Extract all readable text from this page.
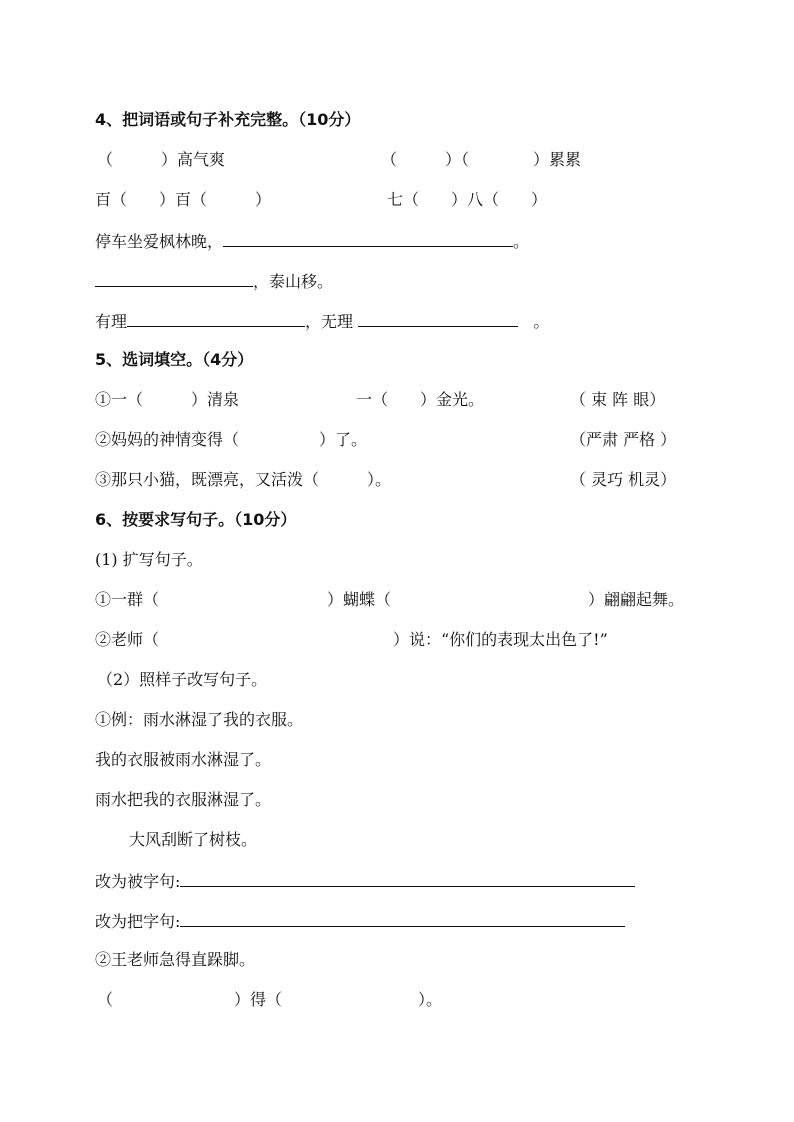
4、把词语或句子补充完整。（10分）
（　　　）高气爽	（　　　）（　　　　）累累
百（　　）百（　　　）	七（　　）八（　　）
停车坐爱枫林晚，	。
，泰山移。
有理	，无理	。
5、选词填空。（4分）
①一（　　　）清泉	一（　　）金光。	（ 束 阵 眼）
②妈妈的神情变得（　　　　　）了。	（严肃 严格 ）
③那只小猫，既漂亮，又活泼（　　　）。	（ 灵巧 机灵）
6、按要求写句子。（10分）
(1) 扩写句子。
①一群（	）蝴蝶（	）翩翩起舞。
②老师（	）说：“你们的表现太出色了!”
（2）照样子改写句子。
①例：雨水淋湿了我的衣服。
我的衣服被雨水淋湿了。
雨水把我的衣服淋湿了。
大风刮断了树枝。
改为被字句:
改为把字句:
②王老师急得直跺脚。
（	）得（	）。
